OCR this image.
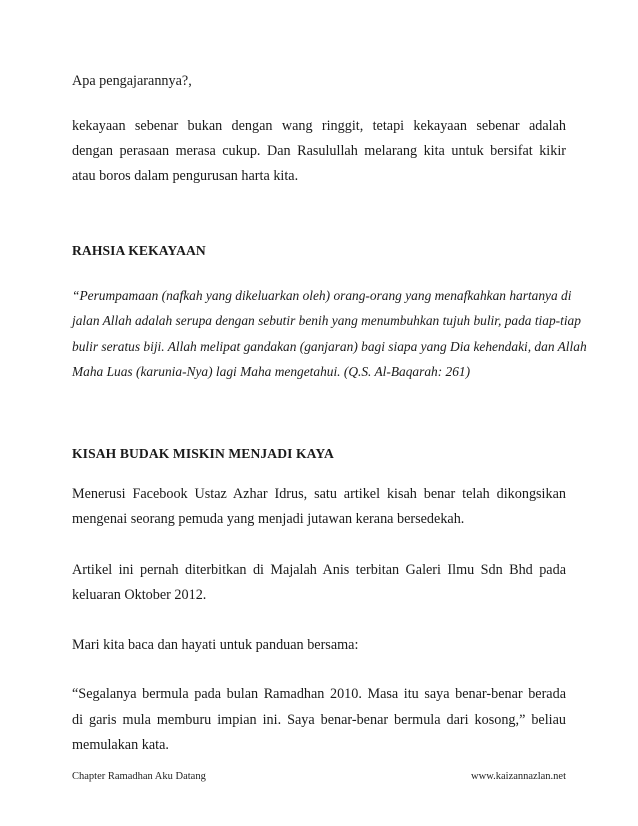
Apa pengajarannya?,
kekayaan sebenar bukan dengan wang ringgit, tetapi kekayaan sebenar adalah
dengan perasaan merasa cukup. Dan Rasulullah melarang kita untuk bersifat kikir
atau boros dalam pengurusan harta kita.
RAHSIA KEKAYAAN
“Perumpamaan (nafkah yang dikeluarkan oleh) orang-orang yang menafkahkan hartanya di
jalan Allah adalah serupa dengan sebutir benih yang menumbuhkan tujuh bulir, pada tiap-tiap
bulir seratus biji. Allah melipat gandakan (ganjaran) bagi siapa yang Dia kehendaki, dan Allah
Maha Luas (karunia-Nya) lagi Maha mengetahui. (Q.S. Al-Baqarah: 261)
KISAH BUDAK MISKIN MENJADI KAYA
Menerusi Facebook Ustaz Azhar Idrus, satu artikel kisah benar telah dikongsikan
mengenai seorang pemuda yang menjadi jutawan kerana bersedekah.
Artikel ini pernah diterbitkan di Majalah Anis terbitan Galeri Ilmu Sdn Bhd pada
keluaran Oktober 2012.
Mari kita baca dan hayati untuk panduan bersama:
“Segalanya bermula pada bulan Ramadhan 2010. Masa itu saya benar-benar berada
di garis mula memburu impian ini. Saya benar-benar bermula dari kosong,” beliau
memulakan kata.
Chapter Ramadhan Aku Datang	www.kaizannazlan.net
